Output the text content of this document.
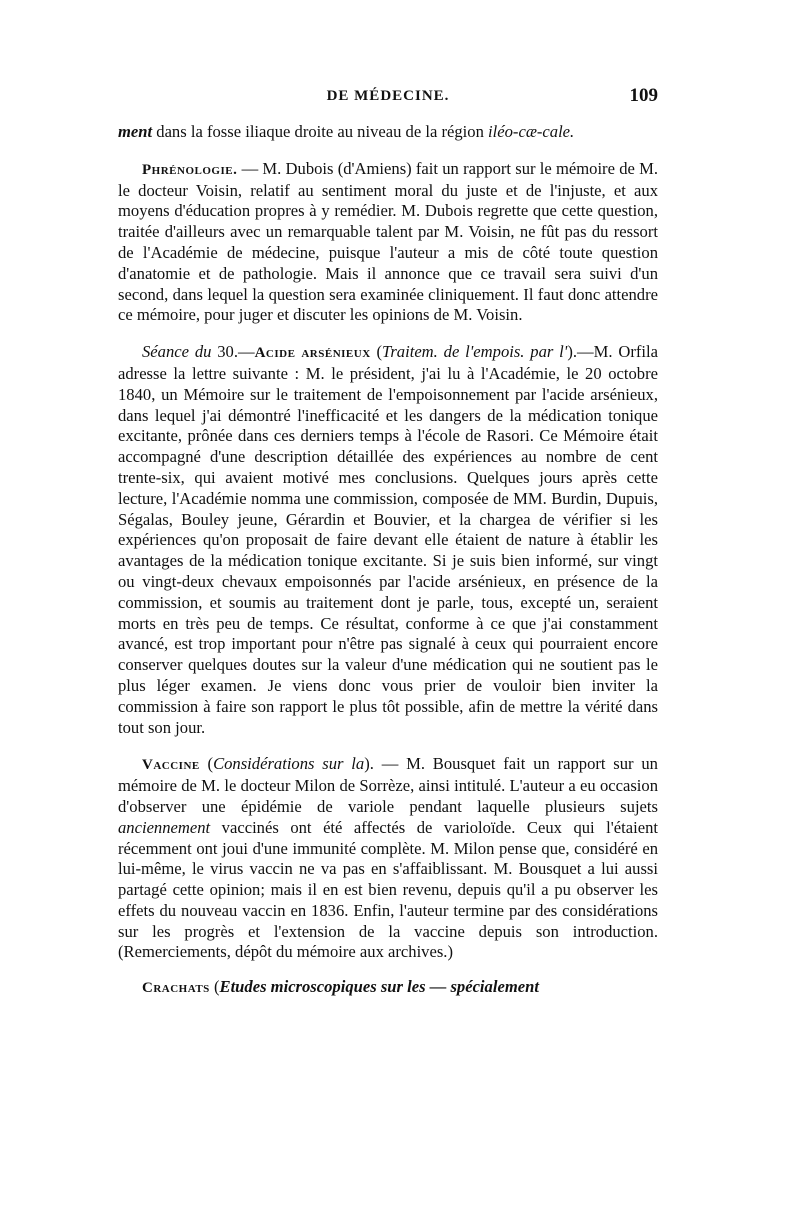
DE MÉDECINE.	109

ment dans la fosse iliaque droite au niveau de la région iléo-cæ-cale.

Phrénologie. — M. Dubois (d'Amiens) fait un rapport sur le mémoire de M. le docteur Voisin, relatif au sentiment moral du juste et de l'injuste, et aux moyens d'éducation propres à y remédier. M. Dubois regrette que cette question, traitée d'ailleurs avec un remarquable talent par M. Voisin, ne fût pas du ressort de l'Académie de médecine, puisque l'auteur a mis de côté toute question d'anatomie et de pathologie. Mais il annonce que ce travail sera suivi d'un second, dans lequel la question sera examinée cliniquement. Il faut donc attendre ce mémoire, pour juger et discuter les opinions de M. Voisin.

Séance du 30.—Acide arsénieux (Traitem. de l'empois. par l').—M. Orfila adresse la lettre suivante : M. le président, j'ai lu à l'Académie, le 20 octobre 1840, un Mémoire sur le traitement de l'empoisonnement par l'acide arsénieux, dans lequel j'ai démontré l'inefficacité et les dangers de la médication tonique excitante, prônée dans ces derniers temps à l'école de Rasori. Ce Mémoire était accompagné d'une description détaillée des expériences au nombre de cent trente-six, qui avaient motivé mes conclusions. Quelques jours après cette lecture, l'Académie nomma une commission, composée de MM. Burdin, Dupuis, Ségalas, Bouley jeune, Gérardin et Bouvier, et la chargea de vérifier si les expériences qu'on proposait de faire devant elle étaient de nature à établir les avantages de la médication tonique excitante. Si je suis bien informé, sur vingt ou vingt-deux chevaux empoisonnés par l'acide arsénieux, en présence de la commission, et soumis au traitement dont je parle, tous, excepté un, seraient morts en très peu de temps. Ce résultat, conforme à ce que j'ai constamment avancé, est trop important pour n'être pas signalé à ceux qui pourraient encore conserver quelques doutes sur la valeur d'une médication qui ne soutient pas le plus léger examen. Je viens donc vous prier de vouloir bien inviter la commission à faire son rapport le plus tôt possible, afin de mettre la vérité dans tout son jour.

Vaccine (Considérations sur la). — M. Bousquet fait un rapport sur un mémoire de M. le docteur Milon de Sorrèze, ainsi intitulé. L'auteur a eu occasion d'observer une épidémie de variole pendant laquelle plusieurs sujets anciennement vaccinés ont été affectés de varioloïde. Ceux qui l'étaient récemment ont joui d'une immunité complète. M. Milon pense que, considéré en lui-même, le virus vaccin ne va pas en s'affaiblissant. M. Bousquet a lui aussi partagé cette opinion; mais il en est bien revenu, depuis qu'il a pu observer les effets du nouveau vaccin en 1836. Enfin, l'auteur termine par des considérations sur les progrès et l'extension de la vaccine depuis son introduction. (Remerciements, dépôt du mémoire aux archives.)

Crachats (Etudes microscopiques sur les — spécialement
